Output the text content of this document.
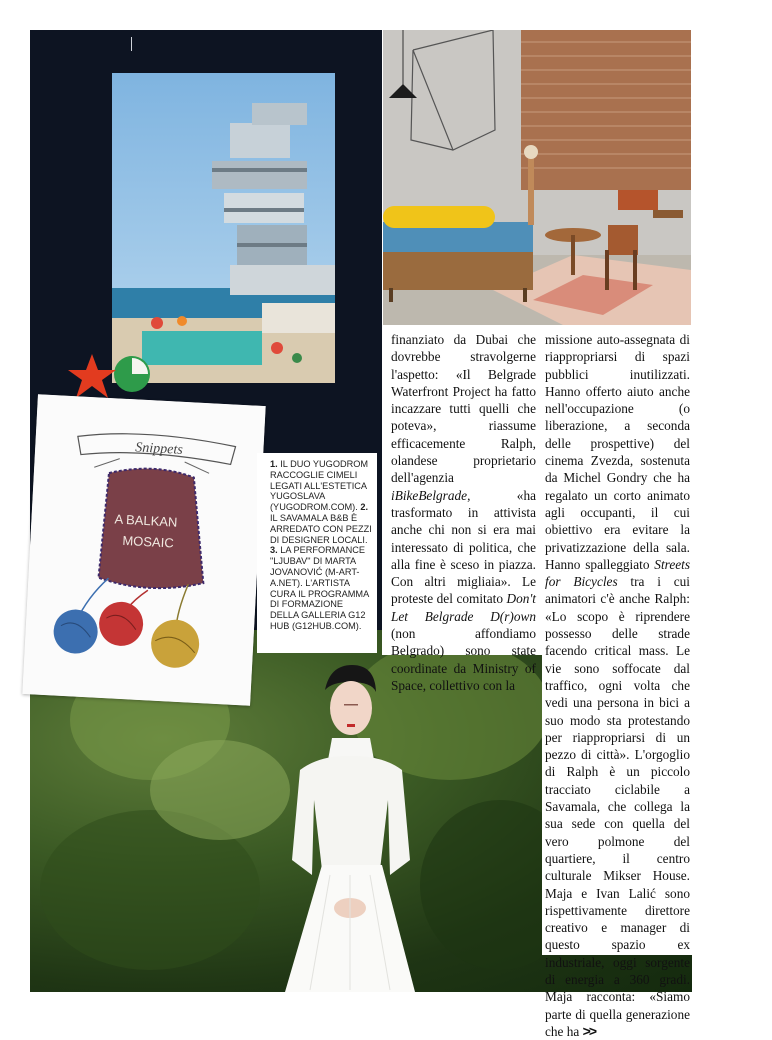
Snippets
A BALKAN
MOSAIC
1. IL DUO YUGODROM RACCOGLIE CIMELI LEGATI ALL'ESTETICA YUGOSLAVA (YUGODROM.COM). 2. IL SAVAMALA B&B È ARREDATO CON PEZZI DI DESIGNER LOCALI. 3. LA PERFORMANCE "LJUBAV" DI MARTA JOVANOVIĆ (M-ART-A.NET). L'ARTISTA CURA IL PROGRAMMA DI FORMAZIONE DELLA GALLERIA G12 HUB (G12HUB.COM).
finanziato da Dubai che dovrebbe stravolgerne l'aspetto: «Il Belgrade Waterfront Project ha fatto incazzare tutti quelli che poteva», riassume efficacemente Ralph, olandese proprietario dell'agenzia iBikeBelgrade, «ha trasformato in attivista anche chi non si era mai interessato di politica, che alla fine è sceso in piazza. Con altri migliaia». Le proteste del comitato Don't Let Belgrade D(r)own (non affondiamo Belgrado) sono state coordinate da Ministry of Space, collettivo con la
missione auto-assegnata di riappropriarsi di spazi pubblici inutilizzati. Hanno offerto aiuto anche nell'occupazione (o liberazione, a seconda delle prospettive) del cinema Zvezda, sostenuta da Michel Gondry che ha regalato un corto animato agli occupanti, il cui obiettivo era evitare la privatizzazione della sala. Hanno spalleggiato Streets for Bicycles tra i cui animatori c'è anche Ralph: «Lo scopo è riprendere possesso delle strade facendo critical mass. Le vie sono soffocate dal traffico, ogni volta che vedi una persona in bici a suo modo sta protestando per riappropriarsi di un pezzo di città». L'orgoglio di Ralph è un piccolo tracciato ciclabile a Savamala, che collega la sua sede con quella del vero polmone del quartiere, il centro culturale Mikser House. Maja e Ivan Lalić sono rispettivamente direttore creativo e manager di questo spazio ex industriale, oggi sorgente di energia a 360 gradi. Maja racconta: «Siamo parte di quella generazione che ha >>
